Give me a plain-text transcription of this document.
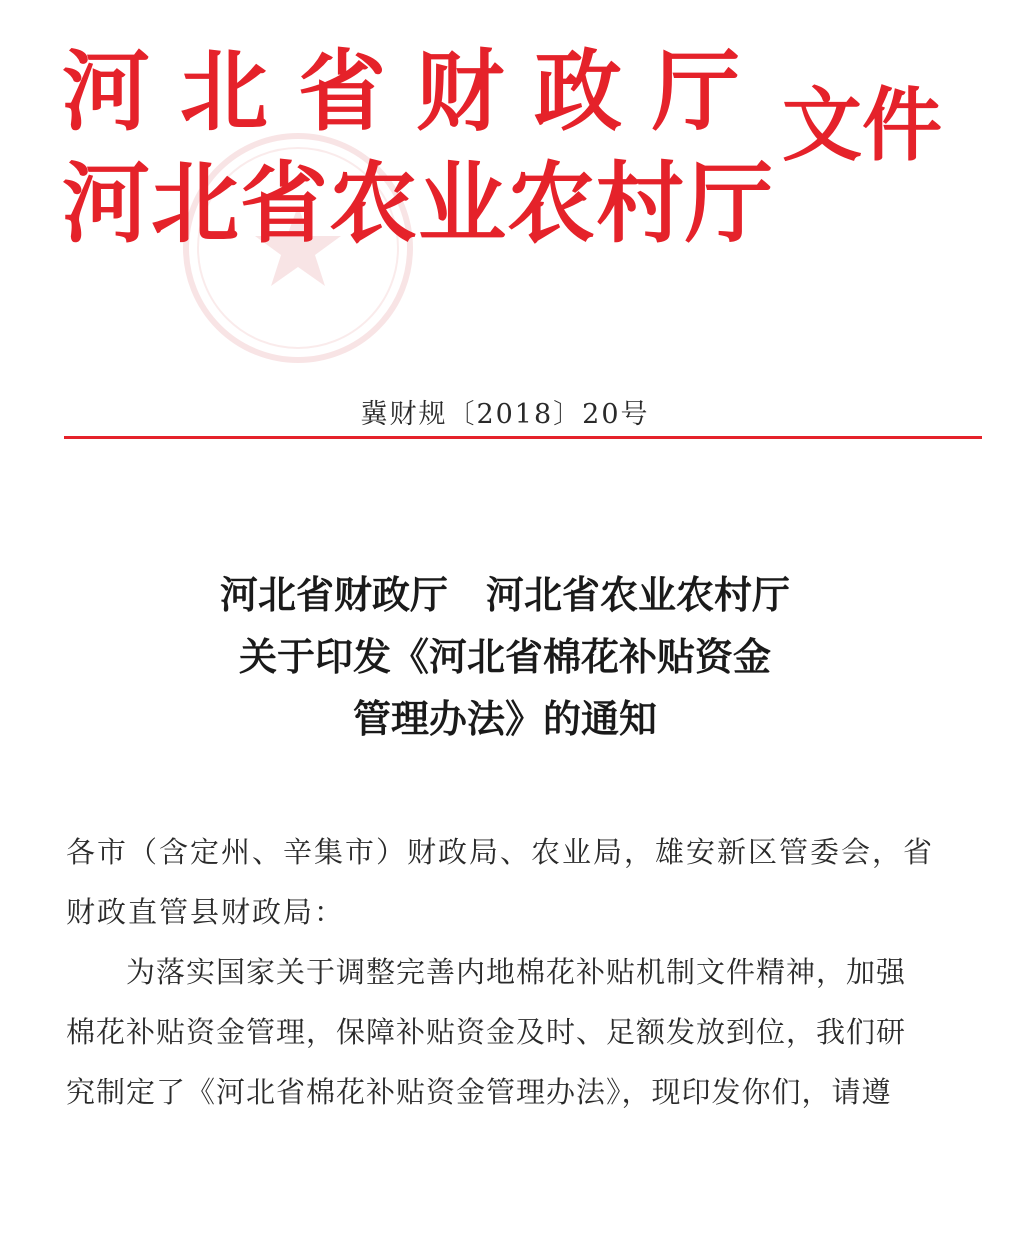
河北省财政厅
河北省农业农村厅
文件
冀财规〔2018〕20号
河北省财政厅　河北省农业农村厅
关于印发《河北省棉花补贴资金
管理办法》的通知
各市（含定州、辛集市）财政局、农业局，雄安新区管委会，省
财政直管县财政局：
为落实国家关于调整完善内地棉花补贴机制文件精神，加强
棉花补贴资金管理，保障补贴资金及时、足额发放到位，我们研
究制定了《河北省棉花补贴资金管理办法》，现印发你们，请遵
